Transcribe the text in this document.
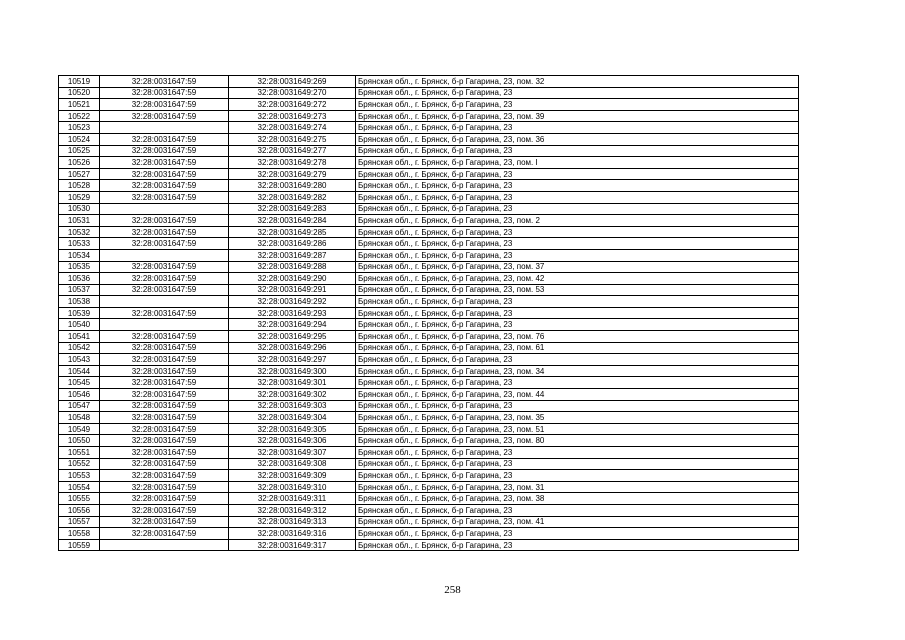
10519	32:28:0031647:59	32:28:0031649:269	Брянская обл., г. Брянск, б-р Гагарина, 23, пом. 32
10520	32:28:0031647:59	32:28:0031649:270	Брянская обл., г. Брянск, б-р Гагарина, 23
10521	32:28:0031647:59	32:28:0031649:272	Брянская обл., г. Брянск, б-р Гагарина, 23
10522	32:28:0031647:59	32:28:0031649:273	Брянская обл., г. Брянск, б-р Гагарина, 23, пом. 39
10523		32:28:0031649:274	Брянская обл., г. Брянск, б-р Гагарина, 23
10524	32:28:0031647:59	32:28:0031649:275	Брянская обл., г. Брянск, б-р Гагарина, 23, пом. 36
10525	32:28:0031647:59	32:28:0031649:277	Брянская обл., г. Брянск, б-р Гагарина, 23
10526	32:28:0031647:59	32:28:0031649:278	Брянская обл., г. Брянск, б-р Гагарина, 23, пом. I
10527	32:28:0031647:59	32:28:0031649:279	Брянская обл., г. Брянск, б-р Гагарина, 23
10528	32:28:0031647:59	32:28:0031649:280	Брянская обл., г. Брянск, б-р Гагарина, 23
10529	32:28:0031647:59	32:28:0031649:282	Брянская обл., г. Брянск, б-р Гагарина, 23
10530		32:28:0031649:283	Брянская обл., г. Брянск, б-р Гагарина, 23
10531	32:28:0031647:59	32:28:0031649:284	Брянская обл., г. Брянск, б-р Гагарина, 23, пом. 2
10532	32:28:0031647:59	32:28:0031649:285	Брянская обл., г. Брянск, б-р Гагарина, 23
10533	32:28:0031647:59	32:28:0031649:286	Брянская обл., г. Брянск, б-р Гагарина, 23
10534		32:28:0031649:287	Брянская обл., г. Брянск, б-р Гагарина, 23
10535	32:28:0031647:59	32:28:0031649:288	Брянская обл., г. Брянск, б-р Гагарина, 23, пом. 37
10536	32:28:0031647:59	32:28:0031649:290	Брянская обл., г. Брянск, б-р Гагарина, 23, пом. 42
10537	32:28:0031647:59	32:28:0031649:291	Брянская обл., г. Брянск, б-р Гагарина, 23, пом. 53
10538		32:28:0031649:292	Брянская обл., г. Брянск, б-р Гагарина, 23
10539	32:28:0031647:59	32:28:0031649:293	Брянская обл., г. Брянск, б-р Гагарина, 23
10540		32:28:0031649:294	Брянская обл., г. Брянск, б-р Гагарина, 23
10541	32:28:0031647:59	32:28:0031649:295	Брянская обл., г. Брянск, б-р Гагарина, 23, пом. 76
10542	32:28:0031647:59	32:28:0031649:296	Брянская обл., г. Брянск, б-р Гагарина, 23, пом. 61
10543	32:28:0031647:59	32:28:0031649:297	Брянская обл., г. Брянск, б-р Гагарина, 23
10544	32:28:0031647:59	32:28:0031649:300	Брянская обл., г. Брянск, б-р Гагарина, 23, пом. 34
10545	32:28:0031647:59	32:28:0031649:301	Брянская обл., г. Брянск, б-р Гагарина, 23
10546	32:28:0031647:59	32:28:0031649:302	Брянская обл., г. Брянск, б-р Гагарина, 23, пом. 44
10547	32:28:0031647:59	32:28:0031649:303	Брянская обл., г. Брянск, б-р Гагарина, 23
10548	32:28:0031647:59	32:28:0031649:304	Брянская обл., г. Брянск, б-р Гагарина, 23, пом. 35
10549	32:28:0031647:59	32:28:0031649:305	Брянская обл., г. Брянск, б-р Гагарина, 23, пом. 51
10550	32:28:0031647:59	32:28:0031649:306	Брянская обл., г. Брянск, б-р Гагарина, 23, пом. 80
10551	32:28:0031647:59	32:28:0031649:307	Брянская обл., г. Брянск, б-р Гагарина, 23
10552	32:28:0031647:59	32:28:0031649:308	Брянская обл., г. Брянск, б-р Гагарина, 23
10553	32:28:0031647:59	32:28:0031649:309	Брянская обл., г. Брянск, б-р Гагарина, 23
10554	32:28:0031647:59	32:28:0031649:310	Брянская обл., г. Брянск, б-р Гагарина, 23, пом. 31
10555	32:28:0031647:59	32:28:0031649:311	Брянская обл., г. Брянск, б-р Гагарина, 23, пом. 38
10556	32:28:0031647:59	32:28:0031649:312	Брянская обл., г. Брянск, б-р Гагарина, 23
10557	32:28:0031647:59	32:28:0031649:313	Брянская обл., г. Брянск, б-р Гагарина, 23, пом. 41
10558	32:28:0031647:59	32:28:0031649:316	Брянская обл., г. Брянск, б-р Гагарина, 23
10559		32:28:0031649:317	Брянская обл., г. Брянск, б-р Гагарина, 23
258
